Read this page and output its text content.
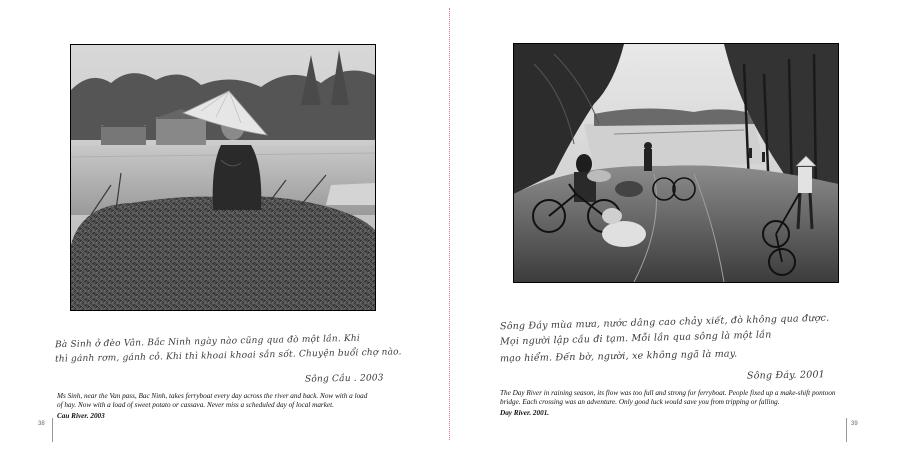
38
Bà Sinh ở đèo Vân. Bắc Ninh ngày nào cũng qua đò một lần. Khi
thì gánh rơm, gánh cỏ. Khi thì khoai khoai sắn sốt. Chuyện buổi chợ nào.
Sông Cầu . 2003
Ms Sinh, near the Van pass, Bac Ninh, takes ferryboat every day across the river and back. Now with a load
of hay. Now with a load of sweet potato or cassava. Never miss a scheduled day of local market.
Cau River. 2003
Sông Đáy mùa mưa, nước dâng cao chảy xiết, đò không qua được.
Mọi người lập cầu đi tạm. Mỗi lần qua sông là một lần
mạo hiểm. Đến bờ, người, xe không ngã là may.
Sông Đáy. 2001
The Day River in raining season, its flow was too full and strong for ferryboat. People fixed up a make-shift pontoon
bridge. Each crossing was an adventure. Only good luck would save you from tripping or falling.
Day River. 2001.
39
